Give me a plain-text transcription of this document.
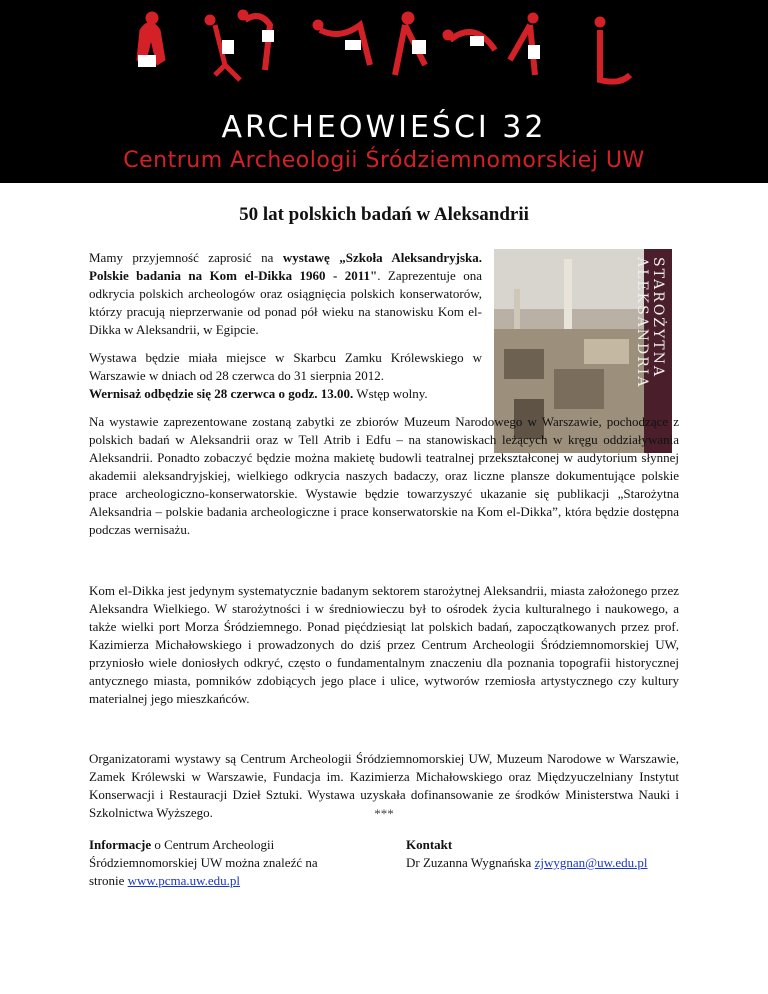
ARCHEOWIEŚCI 32
Centrum Archeologii Śródziemnomorskiej UW
50 lat polskich badań w Aleksandrii

Mamy przyjemność zaprosić na wystawę „Szkoła Aleksandryjska. Polskie badania na Kom el-Dikka 1960 - 2011". Zaprezentuje ona odkrycia polskich archeologów oraz osiągnięcia polskich konserwatorów, którzy pracują nieprzerwanie od ponad pół wieku na stanowisku Kom el-Dikka w Aleksandrii, w Egipcie.

Wystawa będzie miała miejsce w Skarbcu Zamku Królewskiego w Warszawie w dniach od 28 czerwca do 31 sierpnia 2012.
Wernisaż odbędzie się 28 czerwca o godz. 13.00. Wstęp wolny.

STAROŻYTNA ALEKSANDRIA

Na wystawie zaprezentowane zostaną zabytki ze zbiorów Muzeum Narodowego w Warszawie, pochodzące z polskich badań w Aleksandrii oraz w Tell Atrib i Edfu – na stanowiskach leżących w kręgu oddziaływania Aleksandrii. Ponadto zobaczyć będzie można makietę budowli teatralnej przekształconej w audytorium słynnej akademii aleksandryjskiej, wielkiego odkrycia naszych badaczy, oraz liczne plansze dokumentujące polskie prace archeologiczno-konserwatorskie. Wystawie będzie towarzyszyć ukazanie się publikacji „Starożytna Aleksandria – polskie badania archeologiczne i prace konserwatorskie na Kom el-Dikka”, która będzie dostępna podczas wernisażu.

Kom el-Dikka jest jedynym systematycznie badanym sektorem starożytnej Aleksandrii, miasta założonego przez Aleksandra Wielkiego. W starożytności i w średniowieczu był to ośrodek życia kulturalnego i naukowego, a także wielki port Morza Śródziemnego. Ponad pięćdziesiąt lat polskich badań, zapoczątkowanych przez prof. Kazimierza Michałowskiego i prowadzonych do dziś przez Centrum Archeologii Śródziemnomorskiej UW, przyniosło wiele doniosłych odkryć, często o fundamentalnym znaczeniu dla poznania topografii historycznej antycznego miasta, pomników zdobiących jego place i ulice, wytworów rzemiosła artystycznego czy kultury materialnej jego mieszkańców.

Organizatorami wystawy są Centrum Archeologii Śródziemnomorskiej UW, Muzeum Narodowe w Warszawie, Zamek Królewski w Warszawie, Fundacja im. Kazimierza Michałowskiego oraz Międzyuczelniany Instytut Konserwacji i Restauracji Dzieł Sztuki. Wystawa uzyskała dofinansowanie ze środków Ministerstwa Nauki i Szkolnictwa Wyższego.	***
Informacje o Centrum Archeologii Śródziemnomorskiej UW można znaleźć na stronie www.pcma.uw.edu.pl
Kontakt
Dr Zuzanna Wygnańska zjwygnan@uw.edu.pl
